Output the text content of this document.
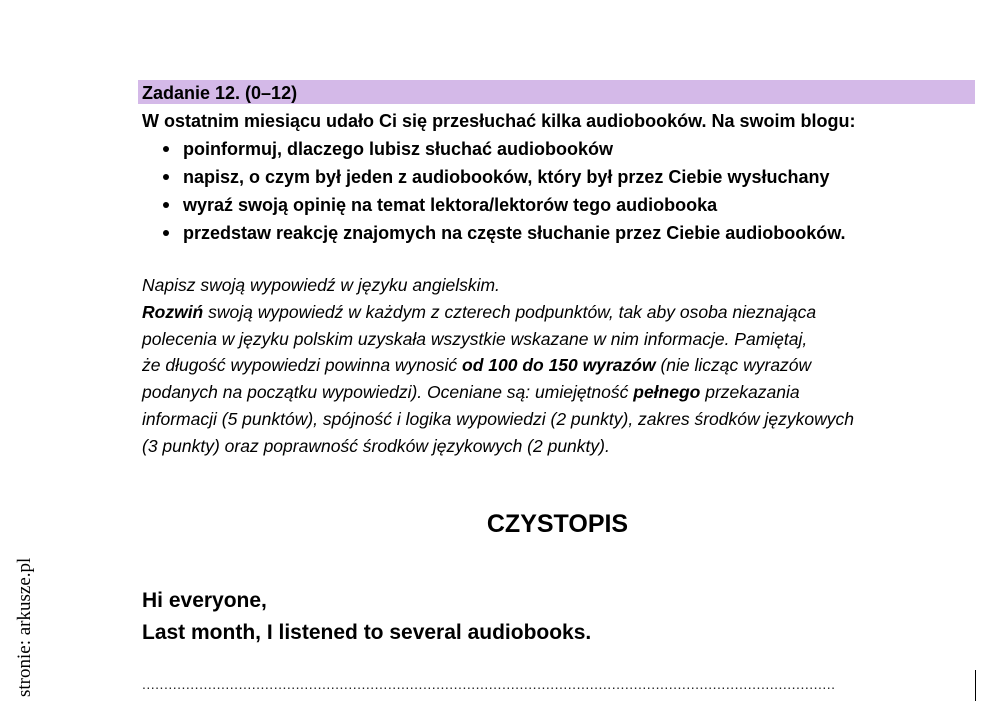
Zadanie 12. (0–12)
W ostatnim miesiącu udało Ci się przesłuchać kilka audiobooków. Na swoim blogu:
poinformuj, dlaczego lubisz słuchać audiobooków
napisz, o czym był jeden z audiobooków, który był przez Ciebie wysłuchany
wyraź swoją opinię na temat lektora/lektorów tego audiobooka
przedstaw reakcję znajomych na częste słuchanie przez Ciebie audiobooków.
Napisz swoją wypowiedź w języku angielskim.
Rozwiń swoją wypowiedź w każdym z czterech podpunktów, tak aby osoba nieznająca
polecenia w języku polskim uzyskała wszystkie wskazane w nim informacje. Pamiętaj,
że długość wypowiedzi powinna wynosić od 100 do 150 wyrazów (nie licząc wyrazów
podanych na początku wypowiedzi). Oceniane są: umiejętność pełnego przekazania
informacji (5 punktów), spójność i logika wypowiedzi (2 punkty), zakres środków językowych
(3 punkty) oraz poprawność środków językowych (2 punkty).
CZYSTOPIS
Hi everyone,
Last month, I listened to several audiobooks.
..............................................................................................................................................................
stronie: arkusze.pl
